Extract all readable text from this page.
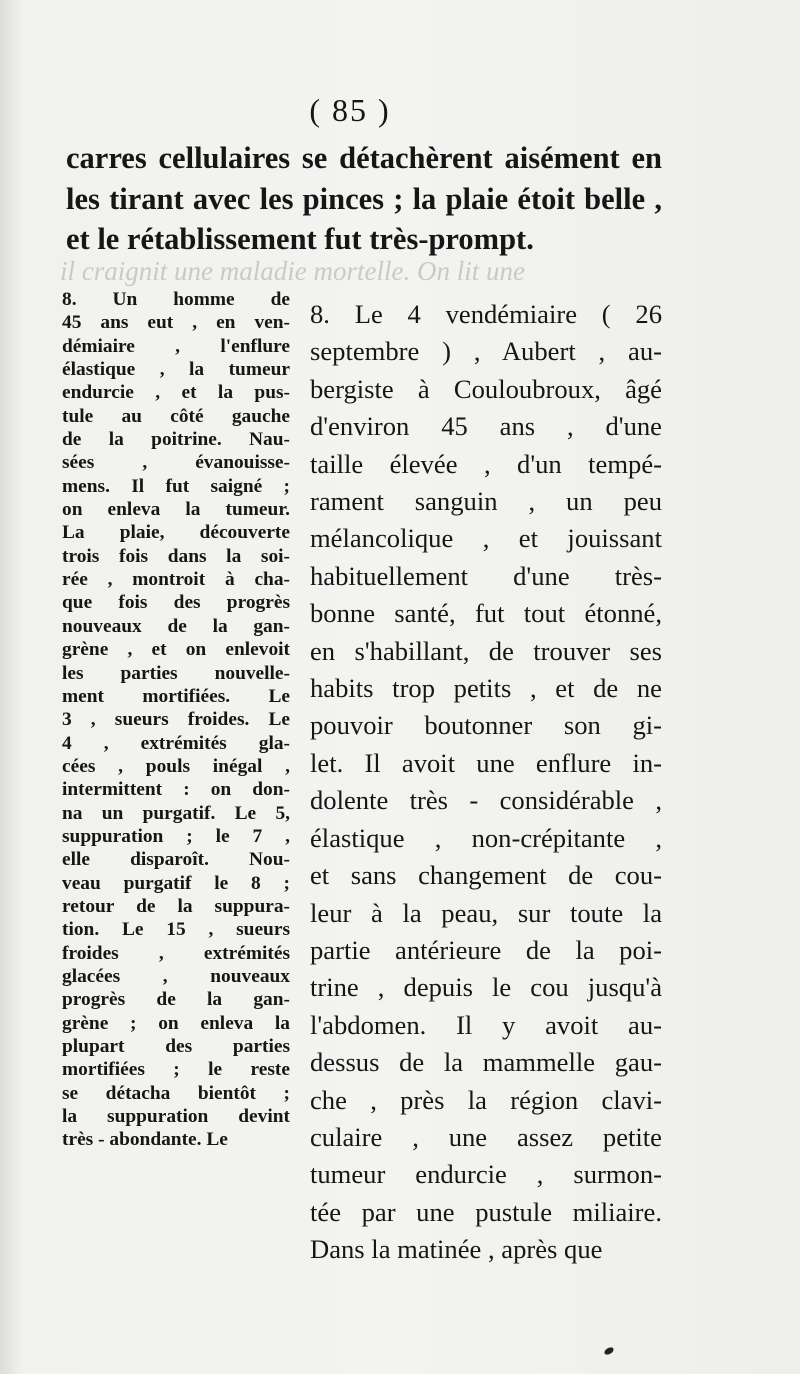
( 85 )
carres cellulaires se détachèrent aisément en
les tirant avec les pinces ; la plaie étoit belle ,
et le rétablissement fut très-prompt.
il craignit une maladie mortelle. On lit une
8. Un homme de
45 ans eut , en ven-
démiaire , l'enflure
élastique , la tumeur
endurcie , et la pus-
tule au côté gauche
de la poitrine. Nau-
sées , évanouisse-
mens. Il fut saigné ;
on enleva la tumeur.
La plaie, découverte
trois fois dans la soi-
rée , montroit à cha-
que fois des progrès
nouveaux de la gan-
grène , et on enlevoit
les parties nouvelle-
ment mortifiées. Le
3 , sueurs froides. Le
4 , extrémités gla-
cées , pouls inégal ,
intermittent : on don-
na un purgatif. Le 5,
suppuration ; le 7 ,
elle disparoît. Nou-
veau purgatif le 8 ;
retour de la suppura-
tion. Le 15 , sueurs
froides , extrémités
glacées , nouveaux
progrès de la gan-
grène ; on enleva la
plupart des parties
mortifiées ; le reste
se détacha bientôt ;
la suppuration devint
très - abondante. Le
8. Le 4 vendémiaire ( 26
septembre ) , Aubert , au-
bergiste à Couloubroux, âgé
d'environ 45 ans , d'une
taille élevée , d'un tempé-
rament sanguin , un peu
mélancolique , et jouissant
habituellement d'une très-
bonne santé, fut tout étonné,
en s'habillant, de trouver ses
habits trop petits , et de ne
pouvoir boutonner son gi-
let. Il avoit une enflure in-
dolente très - considérable ,
élastique , non-crépitante ,
et sans changement de cou-
leur à la peau, sur toute la
partie antérieure de la poi-
trine , depuis le cou jusqu'à
l'abdomen. Il y avoit au-
dessus de la mammelle gau-
che , près la région clavi-
culaire , une assez petite
tumeur endurcie , surmon-
tée par une pustule miliaire.
Dans la matinée , après que
